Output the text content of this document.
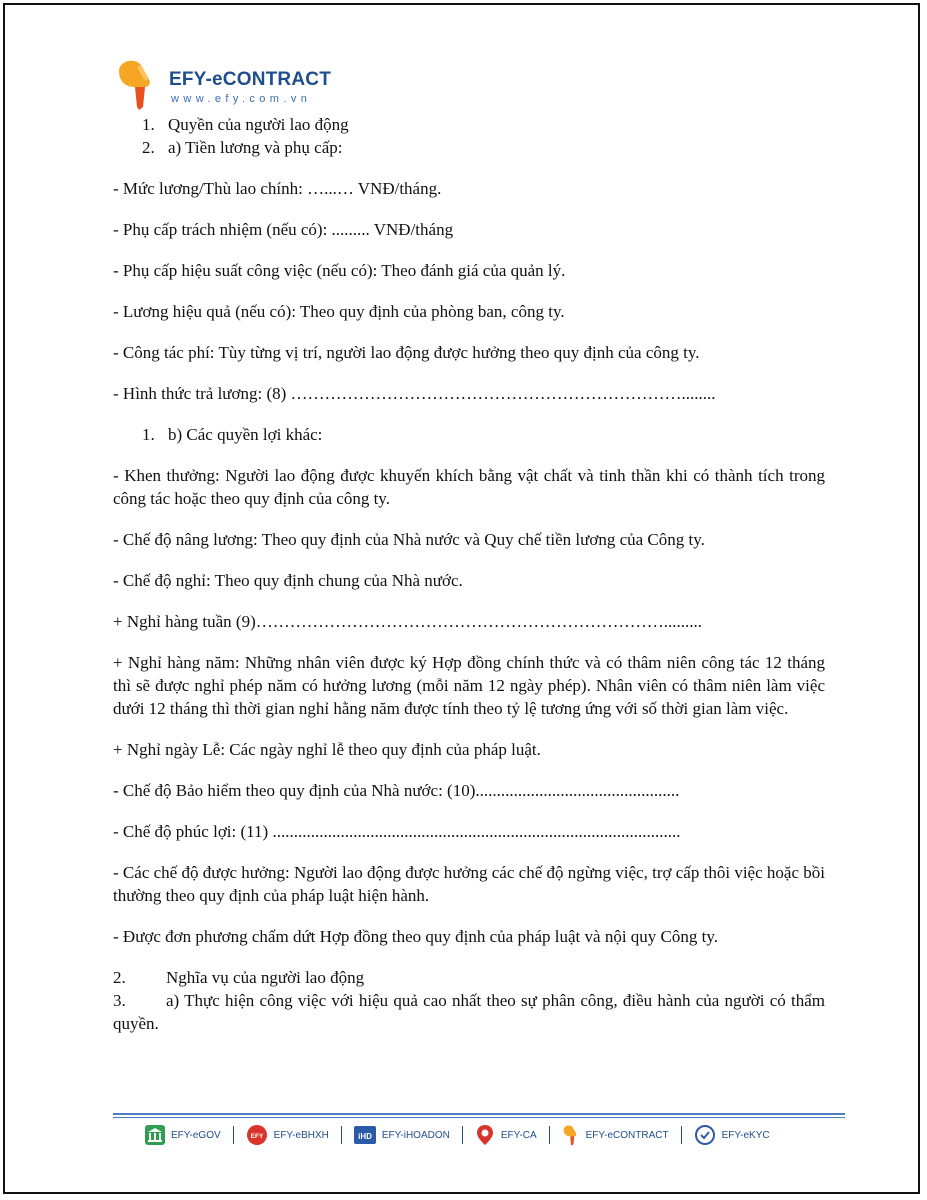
EFY-eCONTRACT
www.efy.com.vn

1. Quyền của người lao động

2. a) Tiền lương và phụ cấp:

- Mức lương/Thù lao chính: …...… VNĐ/tháng.

- Phụ cấp trách nhiệm (nếu có): ......... VNĐ/tháng

- Phụ cấp hiệu suất công việc (nếu có): Theo đánh giá của quản lý.

- Lương hiệu quả (nếu có): Theo quy định của phòng ban, công ty.

- Công tác phí: Tùy từng vị trí, người lao động được hưởng theo quy định của công ty.

- Hình thức trả lương: (8) ……………………………………………………………........

1. b) Các quyền lợi khác:

- Khen thưởng: Người lao động được khuyến khích bằng vật chất và tinh thần khi có thành tích trong công tác hoặc theo quy định của công ty.

- Chế độ nâng lương: Theo quy định của Nhà nước và Quy chế tiền lương của Công ty.

- Chế độ nghỉ: Theo quy định chung của Nhà nước.

+ Nghỉ hàng tuần (9)……………………………………………………………….........

+ Nghỉ hàng năm: Những nhân viên được ký Hợp đồng chính thức và có thâm niên công tác 12 tháng thì sẽ được nghỉ phép năm có hưởng lương (mỗi năm 12 ngày phép). Nhân viên có thâm niên làm việc dưới 12 tháng thì thời gian nghỉ hằng năm được tính theo tỷ lệ tương ứng với số thời gian làm việc.

+ Nghỉ ngày Lễ: Các ngày nghỉ lễ theo quy định của pháp luật.

- Chế độ Bảo hiểm theo quy định của Nhà nước: (10)................................................

- Chế độ phúc lợi: (11) ................................................................................................

- Các chế độ được hưởng: Người lao động được hưởng các chế độ ngừng việc, trợ cấp thôi việc hoặc bồi thường theo quy định của pháp luật hiện hành.

- Được đơn phương chấm dứt Hợp đồng theo quy định của pháp luật và nội quy Công ty.

2. Nghĩa vụ của người lao động

3. a) Thực hiện công việc với hiệu quả cao nhất theo sự phân công, điều hành của người có thẩm quyền.

EFY-eGOV	EFY EFY-eBHXH	iHD EFY-iHOADON	EFY-CA	EFY-eCONTRACT	EFY-eKYC
